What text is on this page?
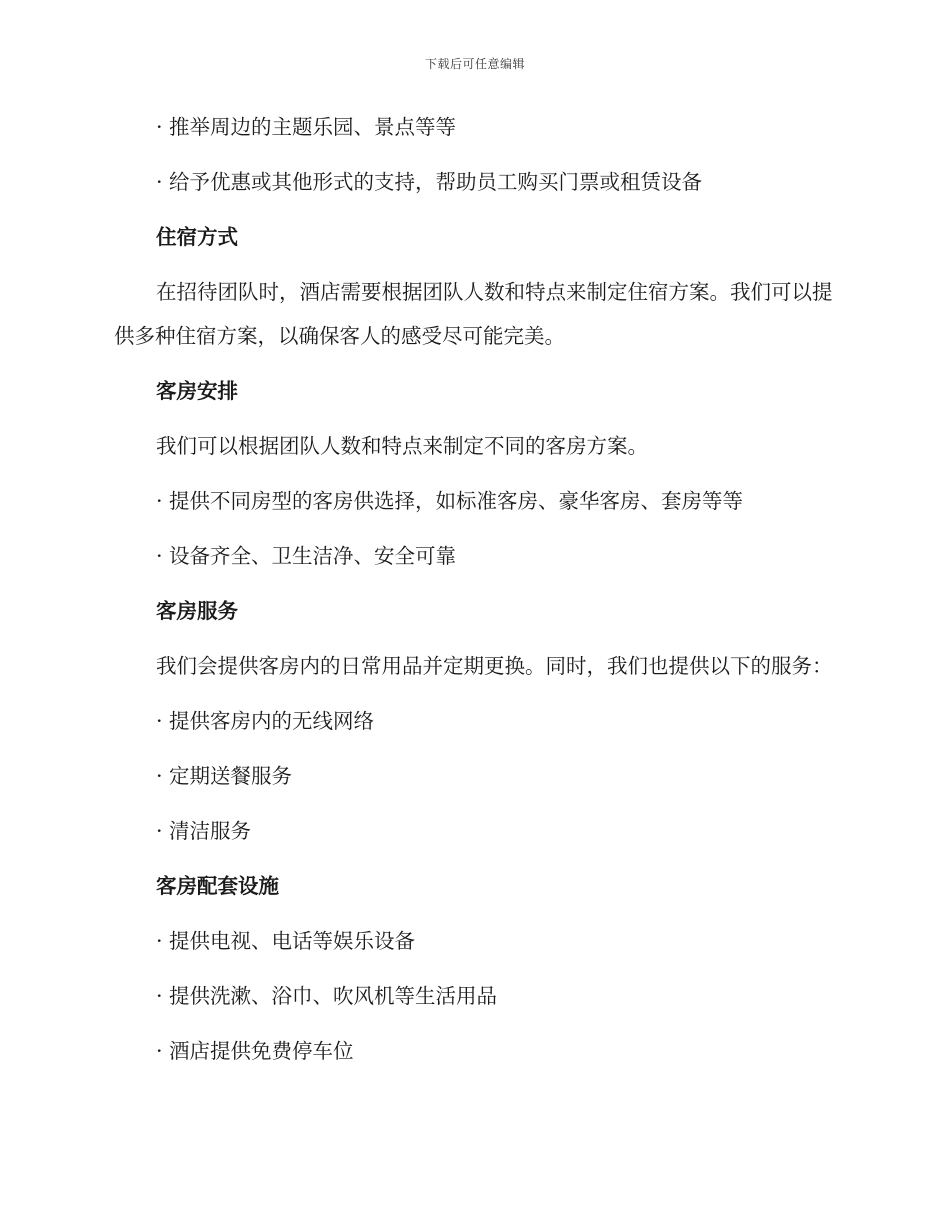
下载后可任意编辑

· 推举周边的主题乐园、景点等等

· 给予优惠或其他形式的支持，帮助员工购买门票或租赁设备

住宿方式

在招待团队时，酒店需要根据团队人数和特点来制定住宿方案。我们可以提供多种住宿方案，以确保客人的感受尽可能完美。

客房安排

我们可以根据团队人数和特点来制定不同的客房方案。

· 提供不同房型的客房供选择，如标准客房、豪华客房、套房等等

· 设备齐全、卫生洁净、安全可靠

客房服务

我们会提供客房内的日常用品并定期更换。同时，我们也提供以下的服务：

· 提供客房内的无线网络

· 定期送餐服务

· 清洁服务

客房配套设施

· 提供电视、电话等娱乐设备

· 提供洗漱、浴巾、吹风机等生活用品

· 酒店提供免费停车位
